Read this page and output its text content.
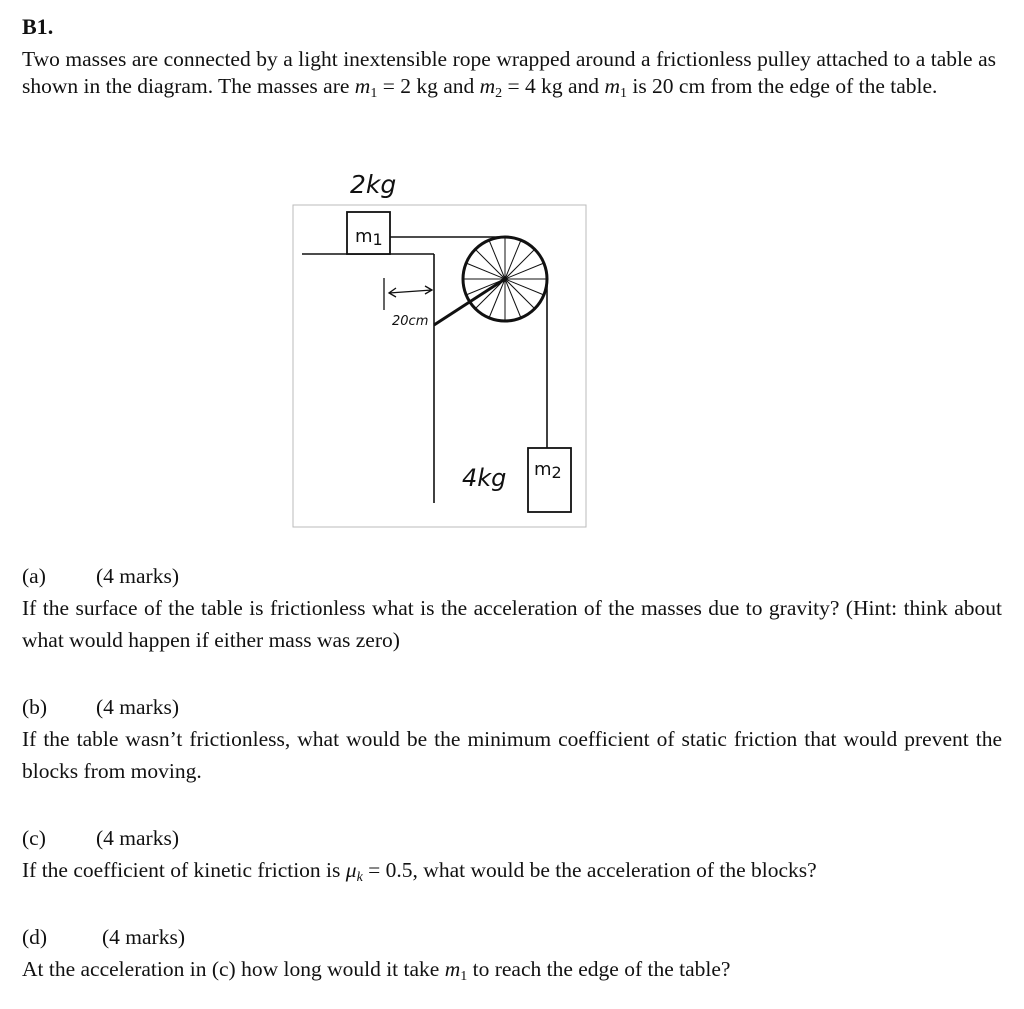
B1.
Two masses are connected by a light inextensible rope wrapped around a frictionless pulley attached to a table as shown in the diagram. The masses are $m_1 = 2$ kg and $m_2 = 4$ kg and $m_1$ is 20 cm from the edge of the table.
2kg
m1
20cm
4kg m2
(a) (4 marks)
If the surface of the table is frictionless what is the acceleration of the masses due to gravity? (Hint: think about what would happen if either mass was zero)
(b) (4 marks)
If the table wasn’t frictionless, what would be the minimum coefficient of static friction that would prevent the blocks from moving.
(c) (4 marks)
If the coefficient of kinetic friction is $\mu_k = 0.5$, what would be the acceleration of the blocks?
(d)	(4 marks)
At the acceleration in (c) how long would it take $m_1$ to reach the edge of the table?
